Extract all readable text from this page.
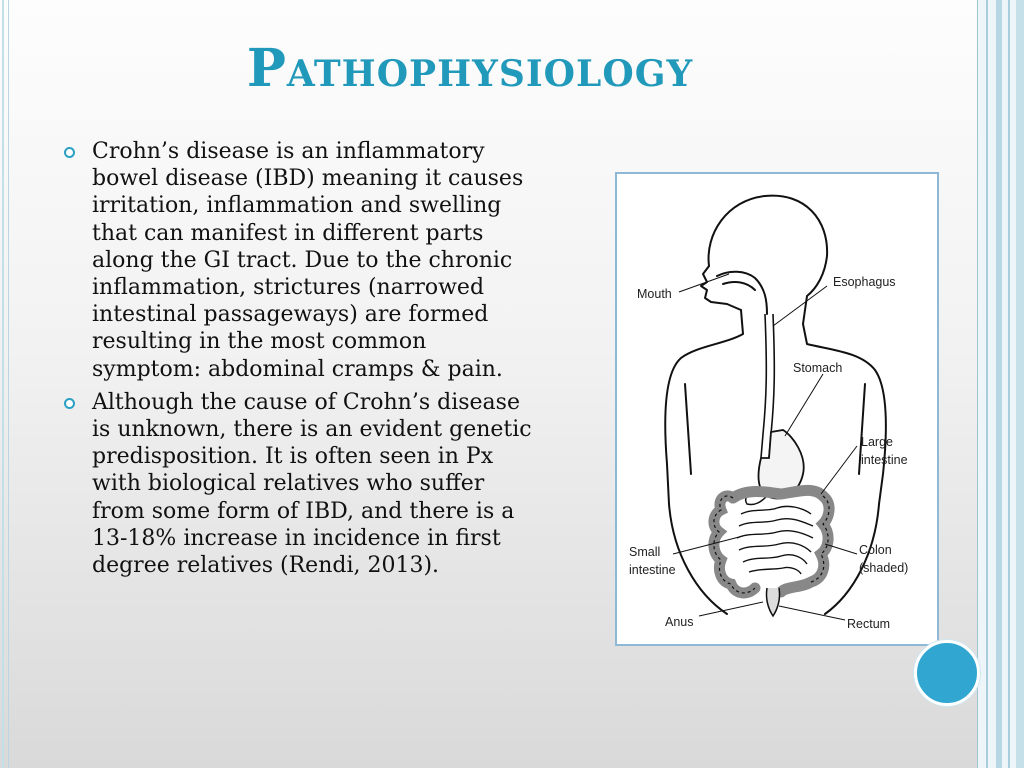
Pathophysiology
Crohn’s disease is an inflammatory bowel disease (IBD) meaning it causes irritation, inflammation and swelling that can manifest in different parts along the GI tract. Due to the chronic inflammation, strictures (narrowed intestinal passageways) are formed resulting in the most common symptom: abdominal cramps & pain.
Although the cause of Crohn’s disease is unknown, there is an evident genetic predisposition. It is often seen in Px with biological relatives who suffer from some form of IBD, and there is a 13-18% increase in incidence in first degree relatives (Rendi, 2013).
Mouth
Esophagus
Stomach
Large
intestine
Small
intestine
Colon
(shaded)
Anus	Rectum
